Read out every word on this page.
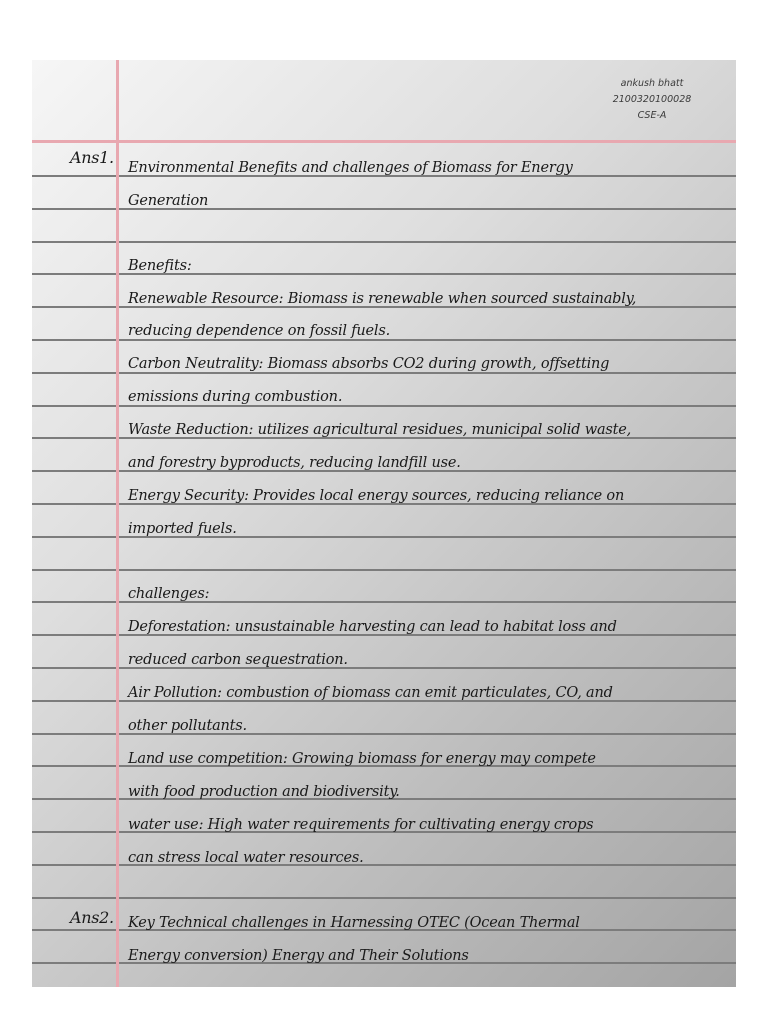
ankush bhatt
2100320100028
CSE-A
Ans1.
Environmental Benefits and challenges of Biomass for Energy
Generation
Benefits:
Renewable Resource: Biomass is renewable when sourced sustainably,
reducing dependence on fossil fuels.
Carbon Neutrality: Biomass absorbs CO2 during growth, offsetting
emissions during combustion.
Waste Reduction: utilizes agricultural residues, municipal solid waste,
and forestry byproducts, reducing landfill use.
Energy Security: Provides local energy sources, reducing reliance on
imported fuels.
challenges:
Deforestation: unsustainable harvesting can lead to habitat loss and
reduced carbon sequestration.
Air Pollution: combustion of biomass can emit particulates, CO, and
other pollutants.
Land use competition: Growing biomass for energy may compete
with food production and biodiversity.
water use: High water requirements for cultivating energy crops
can stress local water resources.
Ans2. Key Technical challenges in Harnessing OTEC (Ocean Thermal
Energy conversion) Energy and Their Solutions
